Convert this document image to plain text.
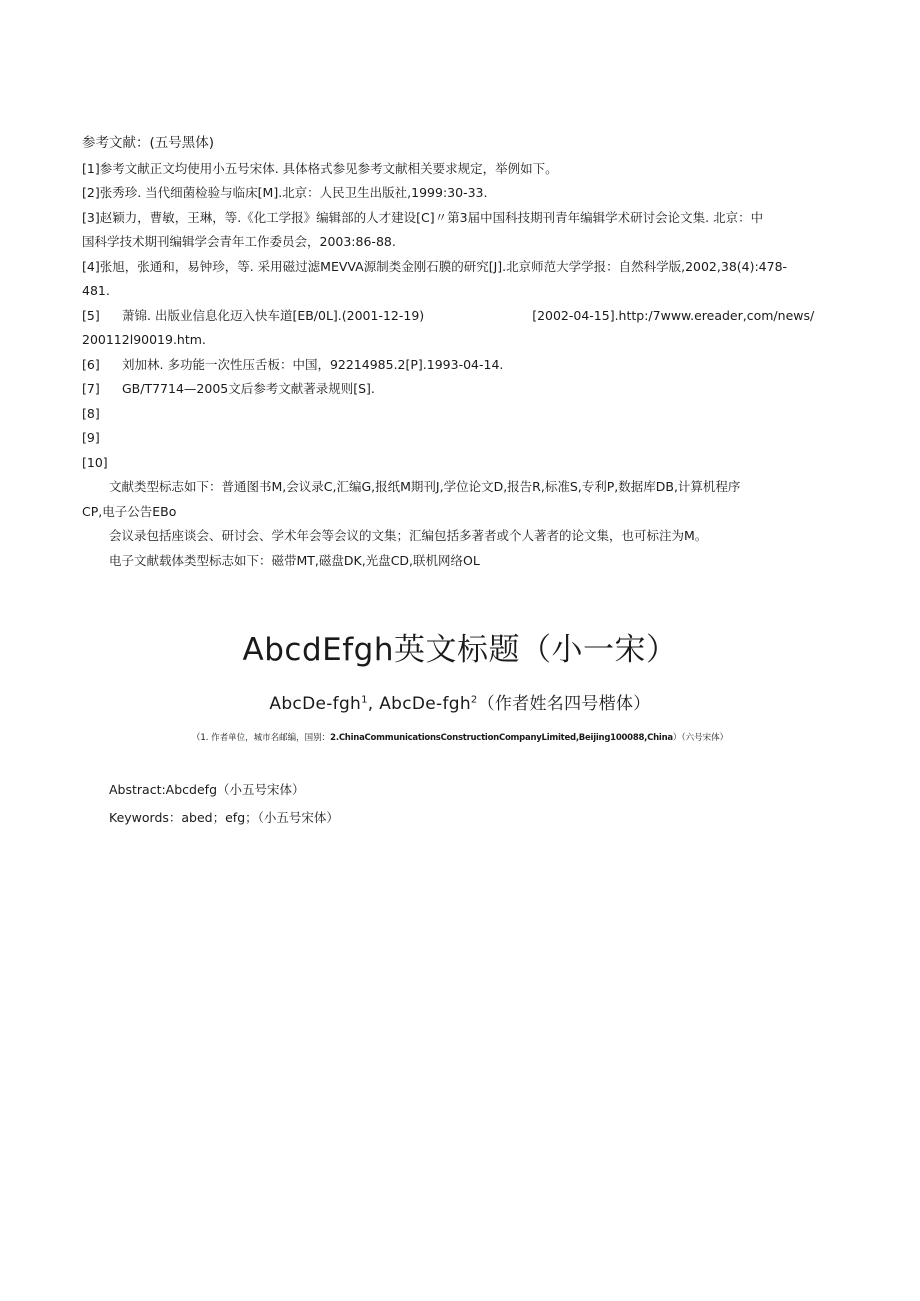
参考文献：(五号黑体)
[1]参考文献正文均使用小五号宋体. 具体格式参见参考文献相关要求规定，举例如下。
[2]张秀珍. 当代细菌检验与临床[M].北京：人民卫生出版社,1999:30-33.
[3]赵颖力，曹敏，王琳，等.《化工学报》编辑部的人才建设[C]〃第3届中国科技期刊青年编辑学术研讨会论文集. 北京：中
国科学技术期刊编辑学会青年工作委员会，2003:86-88.
[4]张旭，张通和，易钟珍，等. 采用磁过滤MEVVA源制类金刚石膜的研究[J].北京师范大学学报：自然科学版,2002,38(4):478-
481.
[5] 萧锦. 出版业信息化迈入快车道[EB/0L].(2001-12-19)	[2002-04-15].http:/7www.ereader,com/news/
200112l90019.htm.
[6] 刘加林. 多功能一次性压舌板：中国，92214985.2[P].1993-04-14.
[7] GB/T7714—2005文后参考文献著录规则[S].
[8]
[9]
[10]
文献类型标志如下：普通图书M,会议录C,汇编G,报纸M期刊J,学位论文D,报告R,标准S,专利P,数据库DB,计算机程序
CP,电子公告EBo
会议录包括座谈会、研讨会、学术年会等会议的文集；汇编包括多著者或个人著者的论文集，也可标注为M。
电子文献载体类型标志如下：磁带MT,磁盘DK,光盘CD,联机网络OL
AbcdEfgh英文标题（小一宋）
AbcDe-fgh$^1$, AbcDe-fgh$^2$（作者姓名四号楷体）
（1. 作者单位，城市名邮编，国别：2.ChinaCommunicationsConstructionCompanyLimited,Beijing100088,China）（六号宋体）
Abstract:Abcdefg（小五号宋体）
Keywords：abed；efg；（小五号宋体）
